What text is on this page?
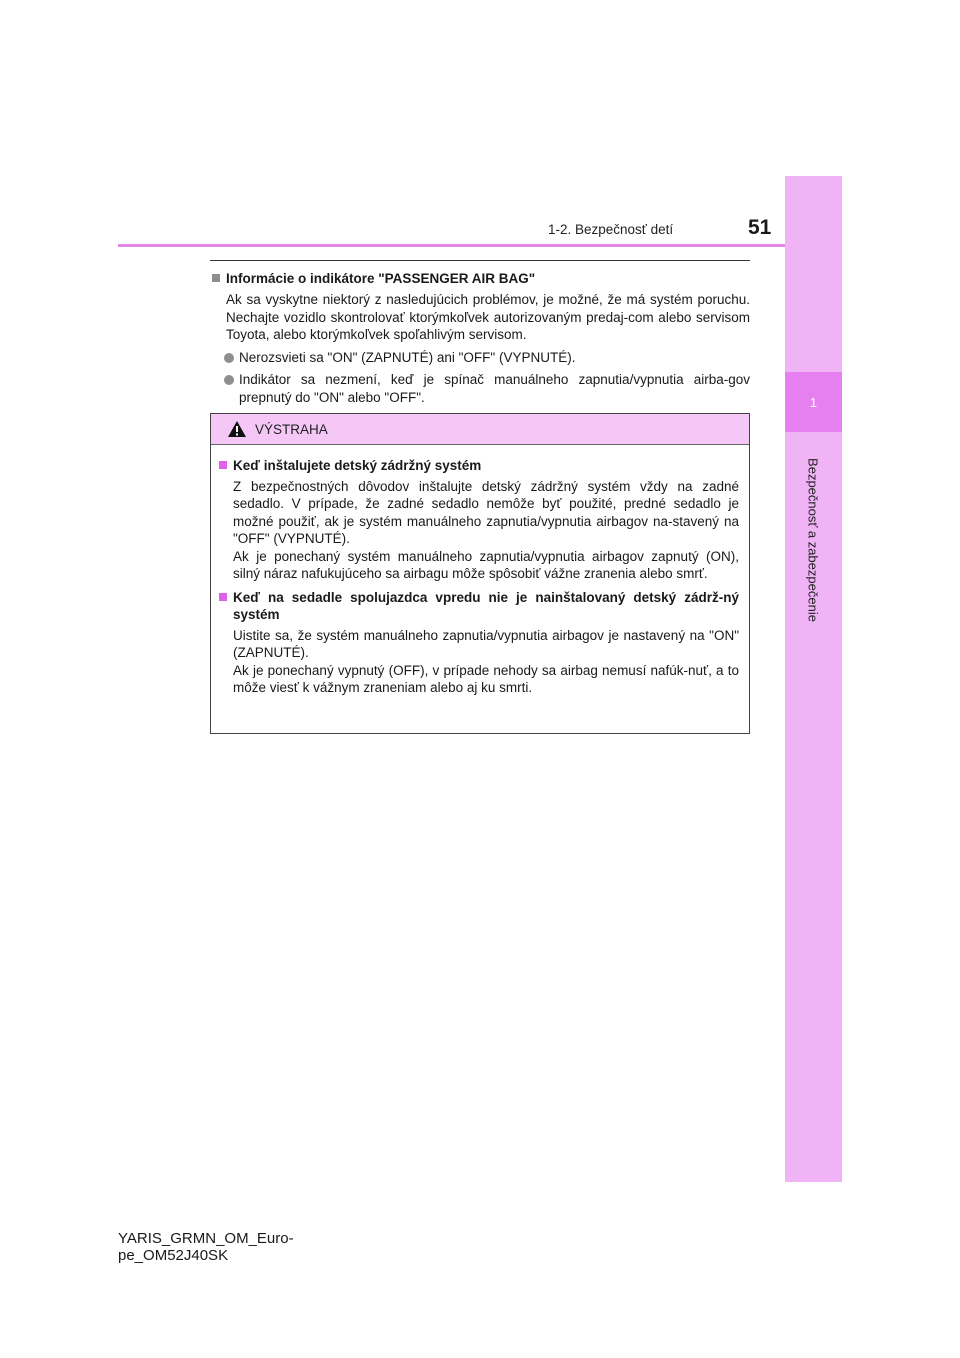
1
Bezpečnosť a zabezpečenie
1-2. Bezpečnosť detí	51
Informácie o indikátore "PASSENGER AIR BAG"
Ak sa vyskytne niektorý z nasledujúcich problémov, je možné, že má systém poruchu. Nechajte vozidlo skontrolovať ktorýmkoľvek autorizovaným predaj-com alebo servisom Toyota, alebo ktorýmkoľvek spoľahlivým servisom.
Nerozsvieti sa "ON" (ZAPNUTÉ) ani "OFF" (VYPNUTÉ).
Indikátor sa nezmení, keď je spínač manuálneho zapnutia/vypnutia airba-gov prepnutý do "ON" alebo "OFF".
VÝSTRAHA
Keď inštalujete detský zádržný systém
Z bezpečnostných dôvodov inštalujte detský zádržný systém vždy na zadné sedadlo. V prípade, že zadné sedadlo nemôže byť použité, predné sedadlo je možné použiť, ak je systém manuálneho zapnutia/vypnutia airbagov na-stavený na "OFF" (VYPNUTÉ).
Ak je ponechaný systém manuálneho zapnutia/vypnutia airbagov zapnutý (ON), silný náraz nafukujúceho sa airbagu môže spôsobiť vážne zranenia alebo smrť.
Keď na sedadle spolujazdca vpredu nie je nainštalovaný detský zádrž-ný systém
Uistite sa, že systém manuálneho zapnutia/vypnutia airbagov je nastavený na "ON" (ZAPNUTÉ).
Ak je ponechaný vypnutý (OFF), v prípade nehody sa airbag nemusí nafúk-nuť, a to môže viesť k vážnym zraneniam alebo aj ku smrti.
YARIS_GRMN_OM_Euro-
pe_OM52J40SK
